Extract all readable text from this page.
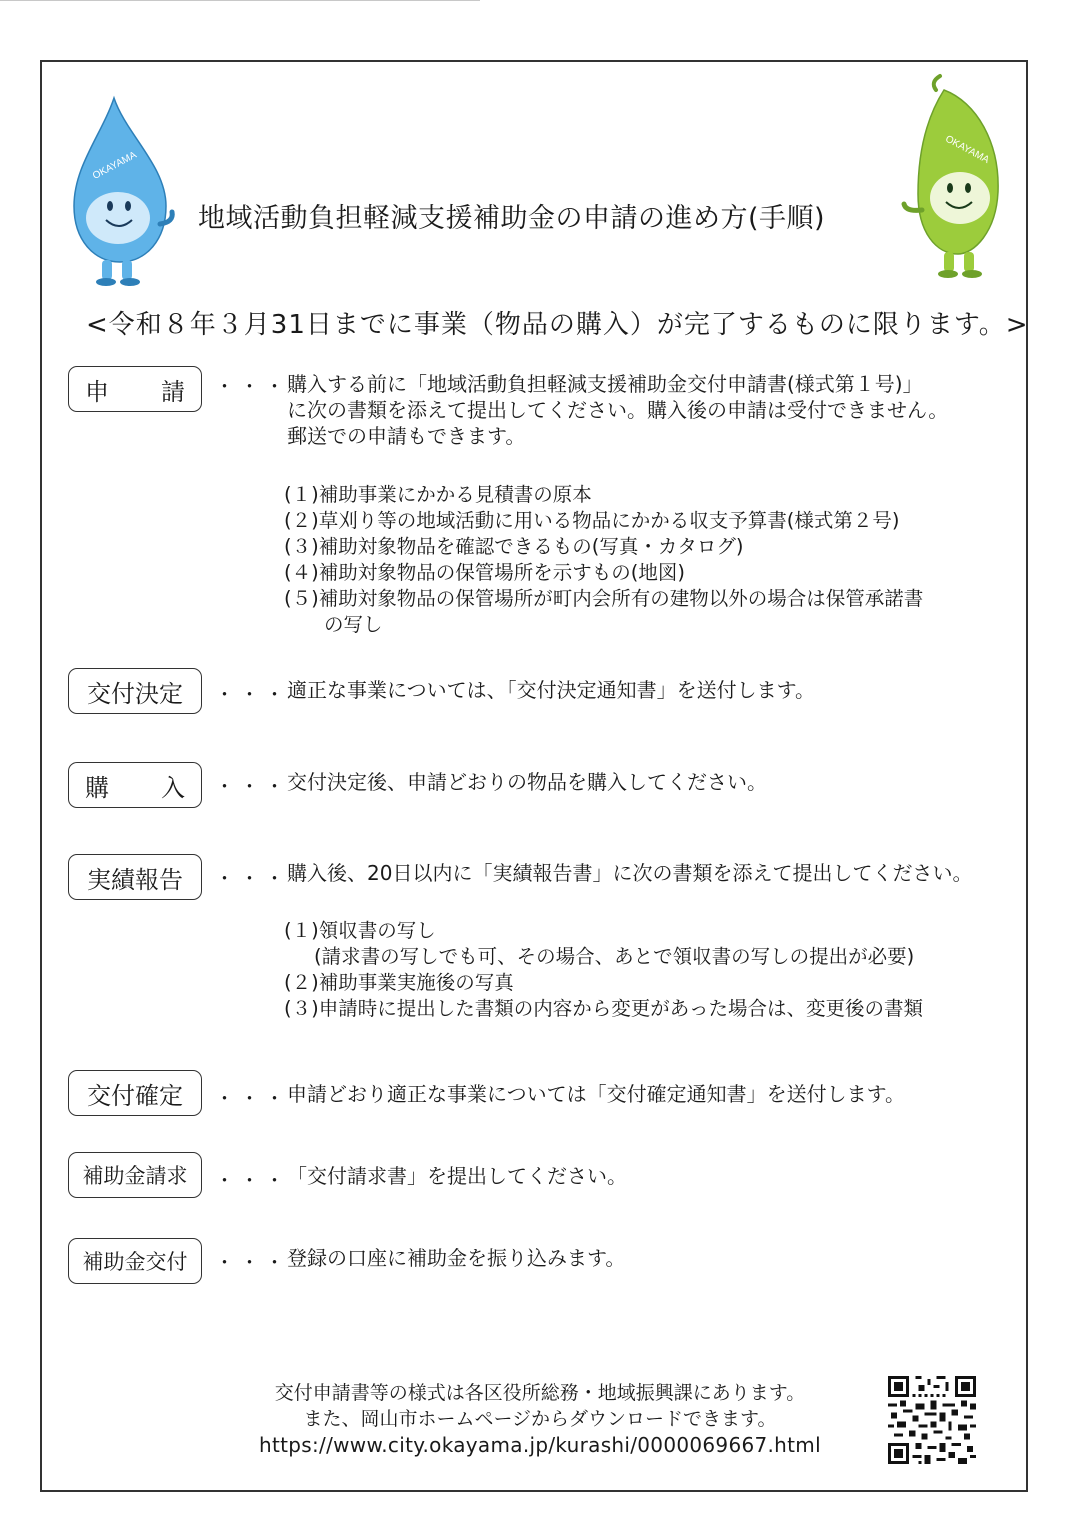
OKAYAMA	OKAYAMA
地域活動負担軽減支援補助金の申請の進め方(手順)
<令和８年３月31日までに事業（物品の購入）が完了するものに限ります。>
申 請 ・・・
購入する前に「地域活動負担軽減支援補助金交付申請書(様式第１号)」
に次の書類を添えて提出してください。購入後の申請は受付できません。
郵送での申請もできます。
(１)補助事業にかかる見積書の原本
(２)草刈り等の地域活動に用いる物品にかかる収支予算書(様式第２号)
(３)補助対象物品を確認できるもの(写真・カタログ)
(４)補助対象物品の保管場所を示すもの(地図)
(５)補助対象物品の保管場所が町内会所有の建物以外の場合は保管承諾書
の写し
交付決定	・・・
適正な事業については、「交付決定通知書」を送付します。
購 入 ・・・
交付決定後、申請どおりの物品を購入してください。
実績報告	・・・
購入後、20日以内に「実績報告書」に次の書類を添えて提出してください。
(１)領収書の写し
(請求書の写しでも可、その場合、あとで領収書の写しの提出が必要)
(２)補助事業実施後の写真
(３)申請時に提出した書類の内容から変更があった場合は、変更後の書類
交付確定	・・・
申請どおり適正な事業については「交付確定通知書」を送付します。
補助金請求	・・・
「交付請求書」を提出してください。
補助金交付	・・・
登録の口座に補助金を振り込みます。
交付申請書等の様式は各区役所総務・地域振興課にあります。
また、岡山市ホームページからダウンロードできます。
https://www.city.okayama.jp/kurashi/0000069667.html
